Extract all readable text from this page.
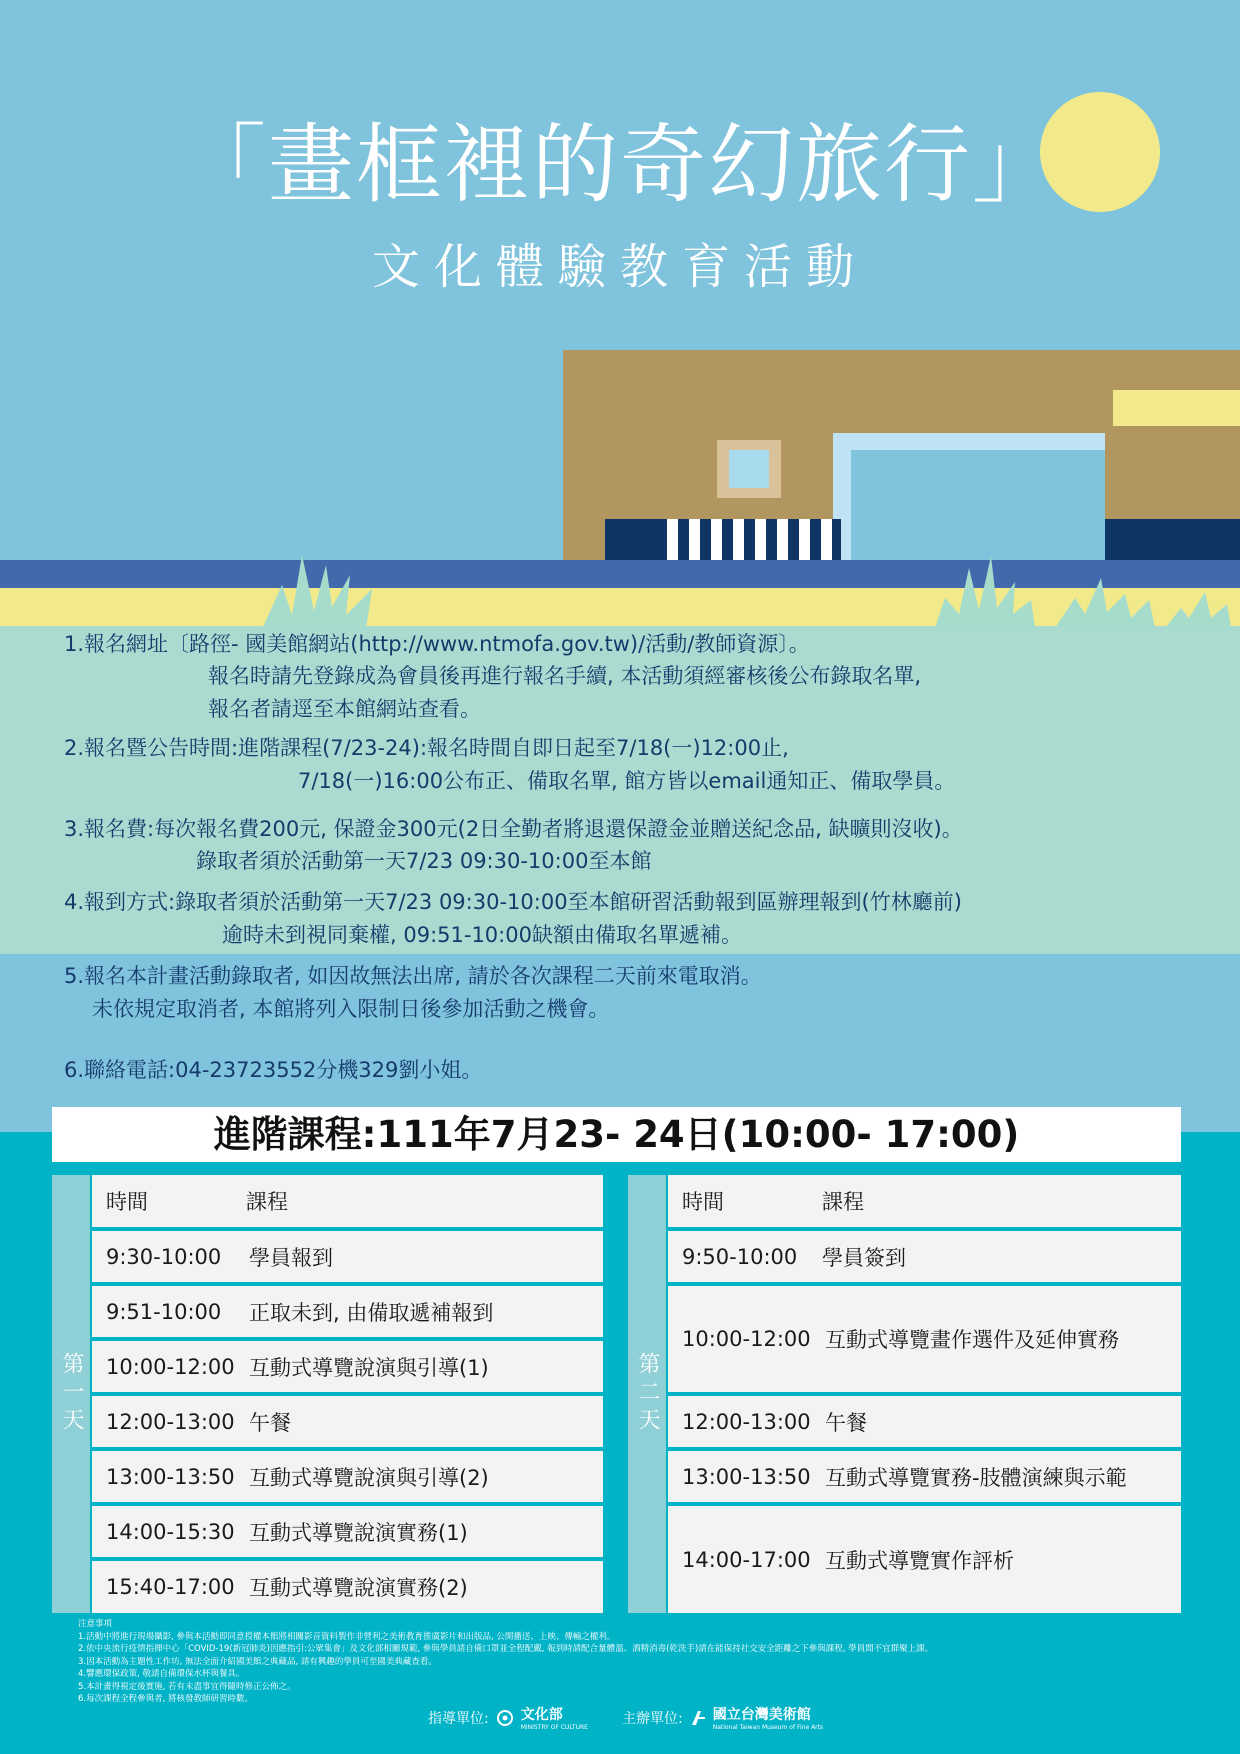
「畫框裡的奇幻旅行」
文化體驗教育活動
1.報名網址〔路徑- 國美館網站(http://www.ntmofa.gov.tw)/活動/教師資源〕。
報名時請先登錄成為會員後再進行報名手續, 本活動須經審核後公布錄取名單,
報名者請逕至本館網站查看。
2.報名暨公告時間:進階課程(7/23-24):報名時間自即日起至7/18(一)12:00止,
7/18(一)16:00公布正、備取名單, 館方皆以email通知正、備取學員。
3.報名費:每次報名費200元, 保證金300元(2日全勤者將退還保證金並贈送紀念品, 缺曠則沒收)。
錄取者須於活動第一天7/23 09:30-10:00至本館
4.報到方式:錄取者須於活動第一天7/23 09:30-10:00至本館研習活動報到區辦理報到(竹林廳前)
逾時未到視同棄權, 09:51-10:00缺額由備取名單遞補。
5.報名本計畫活動錄取者, 如因故無法出席, 請於各次課程二天前來電取消。
未依規定取消者, 本館將列入限制日後參加活動之機會。
6.聯絡電話:04-23723552分機329劉小姐。
進階課程:111年7月23- 24日(10:00- 17:00)
第一天
時間	課程
9:30-10:00 學員報到
9:51-10:00 正取未到, 由備取遞補報到
10:00-12:00 互動式導覽說演與引導(1)
12:00-13:00 午餐
13:00-13:50 互動式導覽說演與引導(2)
14:00-15:30 互動式導覽說演實務(1)
15:40-17:00 互動式導覽說演實務(2)
第二天
時間	課程
9:50-10:00 學員簽到
10:00-12:00 互動式導覽畫作選件及延伸實務
12:00-13:00 午餐
13:00-13:50 互動式導覽實務-肢體演練與示範
14:00-17:00 互動式導覽實作評析
注意事項
1.活動中將進行現場攝影, 參與本活動即同意授權本館將相關影音資料製作非營利之美術教育推廣影片和出版品, 公開播送、上映、傳輸之權利。
2.依中央流行疫情指揮中心「COVID-19(新冠肺炎)因應指引:公眾集會」及文化部相關規範, 參與學員請自備口罩並全程配戴, 報到時請配合量體溫、酒精消毒(乾洗手)請在能保持社交安全距離之下參與課程, 學員間不宜群聚上課。
3.因本活動為主題性工作坊, 無法全面介紹國美館之典藏品, 請有興趣的學員可至國美典藏查看。
4.響應環保政策, 敬請自備環保水杯與餐具。
5.本計畫得視定後實施, 若有未盡事宜得隨時修正公佈之。
6.每次課程全程參與者, 將核發教師研習時數。
指導單位: 文化部
MINISTRY OF CULTURE
主辦單位: 國立台灣美術館
National Taiwan Museum of Fine Arts
